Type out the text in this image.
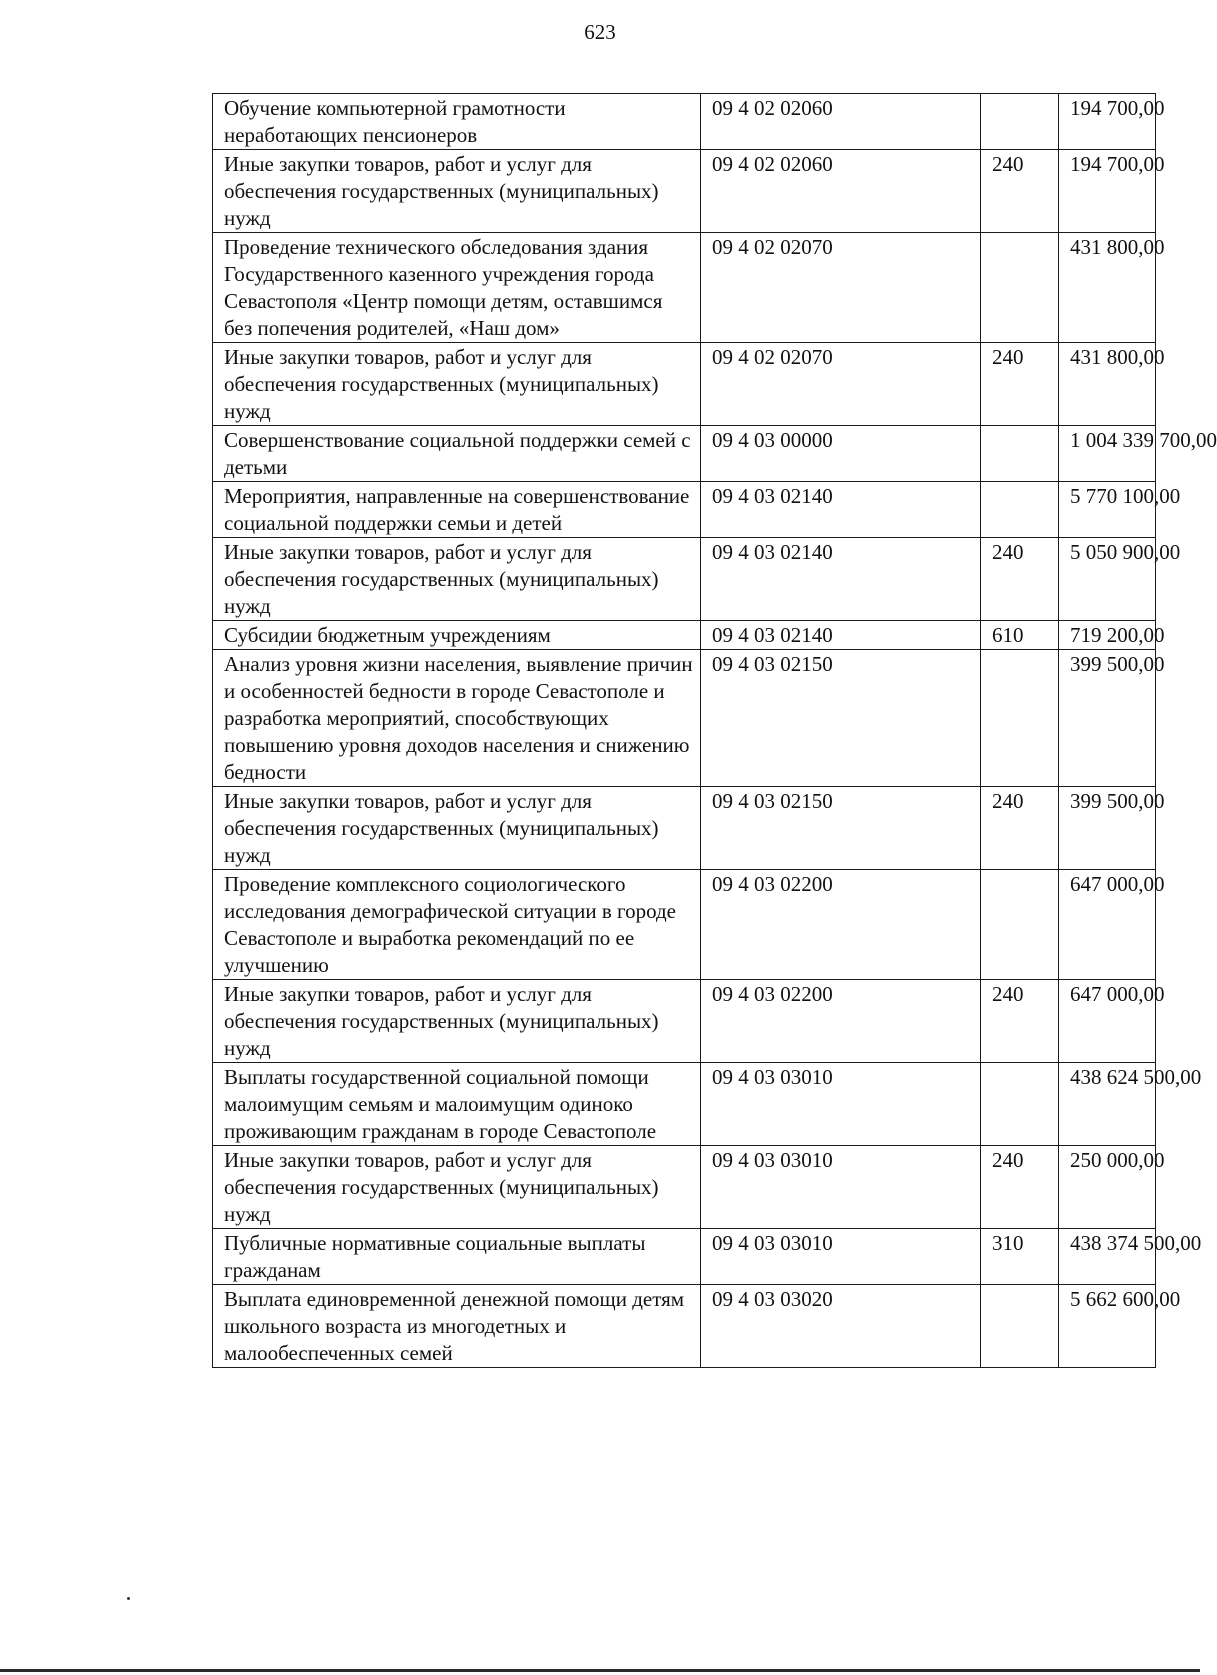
623
Обучение компьютерной грамотности неработающих пенсионеров	09 4 02 02060		194 700,00
Иные закупки товаров, работ и услуг для обеспечения государственных (муниципальных) нужд	09 4 02 02060	240	194 700,00
Проведение технического обследования здания Государственного казенного учреждения города Севастополя «Центр помощи детям, оставшимся без попечения родителей, «Наш дом»	09 4 02 02070		431 800,00
Иные закупки товаров, работ и услуг для обеспечения государственных (муниципальных) нужд	09 4 02 02070	240	431 800,00
Совершенствование социальной поддержки семей с детьми	09 4 03 00000		1 004 339 700,00
Мероприятия, направленные на совершенствование социальной поддержки семьи и детей	09 4 03 02140		5 770 100,00
Иные закупки товаров, работ и услуг для обеспечения государственных (муниципальных) нужд	09 4 03 02140	240	5 050 900,00
Субсидии бюджетным учреждениям	09 4 03 02140	610	719 200,00
Анализ уровня жизни населения, выявление причин и особенностей бедности в городе Севастополе и разработка мероприятий, способствующих повышению уровня доходов населения и снижению бедности	09 4 03 02150		399 500,00
Иные закупки товаров, работ и услуг для обеспечения государственных (муниципальных) нужд	09 4 03 02150	240	399 500,00
Проведение комплексного социологического исследования демографической ситуации в городе Севастополе и выработка рекомендаций по ее улучшению	09 4 03 02200		647 000,00
Иные закупки товаров, работ и услуг для обеспечения государственных (муниципальных) нужд	09 4 03 02200	240	647 000,00
Выплаты государственной социальной помощи малоимущим семьям и малоимущим одиноко проживающим гражданам в городе Севастополе	09 4 03 03010		438 624 500,00
Иные закупки товаров, работ и услуг для обеспечения государственных (муниципальных) нужд	09 4 03 03010	240	250 000,00
Публичные нормативные социальные выплаты гражданам	09 4 03 03010	310	438 374 500,00
Выплата единовременной денежной помощи детям школьного возраста из многодетных и малообеспеченных семей	09 4 03 03020		5 662 600,00
